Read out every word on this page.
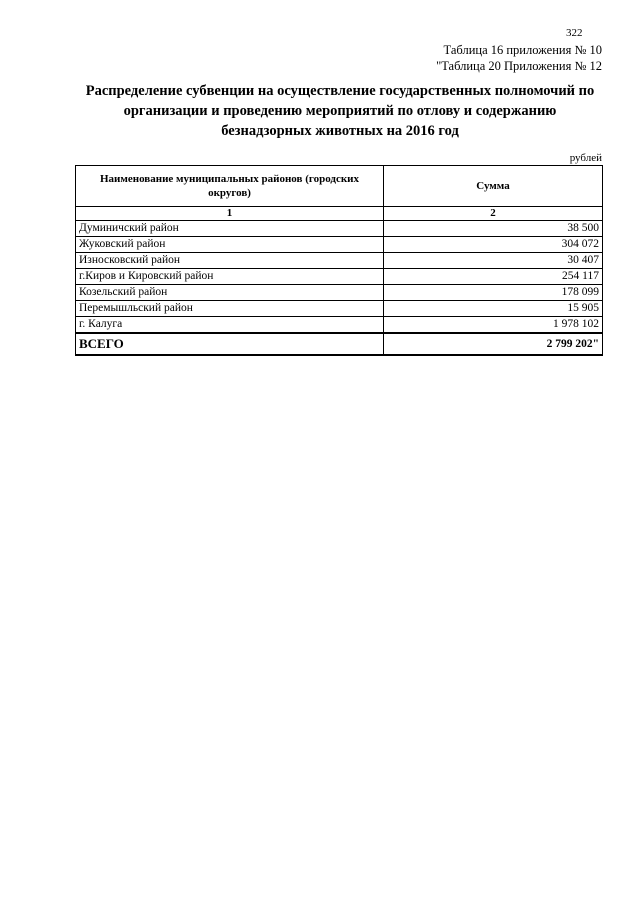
322
Таблица 16 приложения № 10
"Таблица 20 Приложения № 12
Распределение субвенции на осуществление государственных полномочий по организации и проведению мероприятий по отлову и содержанию безнадзорных животных на 2016 год
рублей
Наименование муниципальных районов (городских округов)	Сумма
1	2
Думиничский район	38 500
Жуковский район	304 072
Износковский район	30 407
г.Киров и Кировский район	254 117
Козельский район	178 099
Перемышльский район	15 905
г. Калуга	1 978 102
ВСЕГО	2 799 202"
